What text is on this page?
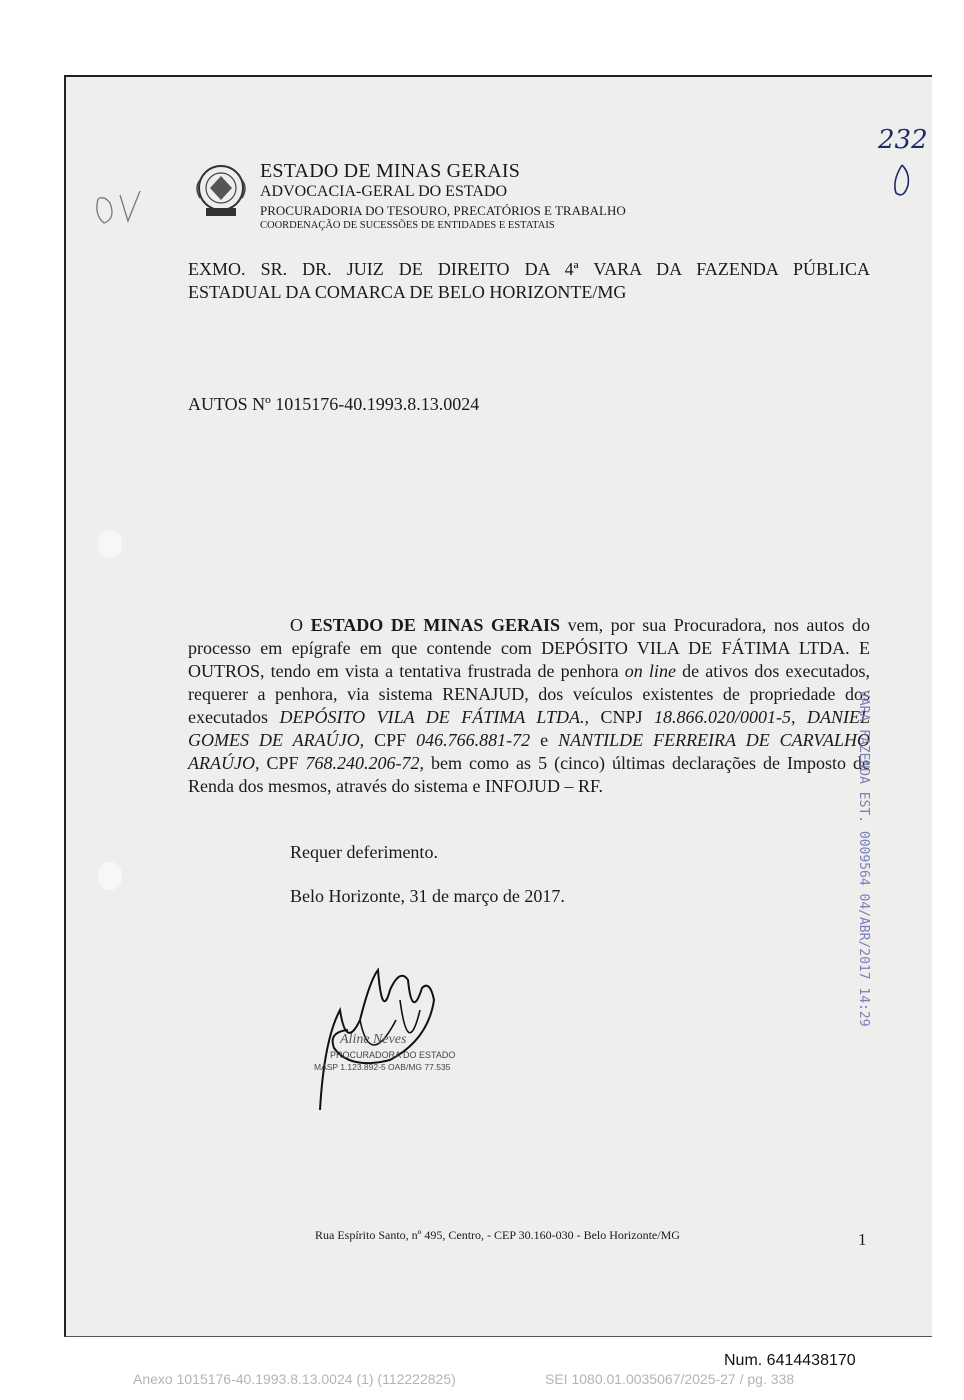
ESTADO DE MINAS GERAIS
ADVOCACIA-GERAL DO ESTADO
PROCURADORIA DO TESOURO, PRECATÓRIOS E TRABALHO
COORDENAÇÃO DE SUCESSÕES DE ENTIDADES E ESTATAIS
232
EXMO. SR. DR. JUIZ DE DIREITO DA 4ª VARA DA FAZENDA PÚBLICA
ESTADUAL DA COMARCA DE BELO HORIZONTE/MG
AUTOS Nº 1015176-40.1993.8.13.0024

O ESTADO DE MINAS GERAIS vem, por sua Procuradora, nos autos do processo em epígrafe em que contende com DEPÓSITO VILA DE FÁTIMA LTDA. E OUTROS, tendo em vista a tentativa frustrada de penhora on line de ativos dos executados, requerer a penhora, via sistema RENAJUD, dos veículos existentes de propriedade dos executados DEPÓSITO VILA DE FÁTIMA LTDA., CNPJ 18.866.020/0001-5, DANIEL GOMES DE ARAÚJO, CPF 046.766.881-72 e NANTILDE FERREIRA DE CARVALHO ARAÚJO, CPF 768.240.206-72, bem como as 5 (cinco) últimas declarações de Imposto de Renda dos mesmos, através do sistema e INFOJUD – RF.

Requer deferimento.
Belo Horizonte, 31 de março de 2017.
Aline Neves
PROCURADORA DO ESTADO
MASP 1.123.892-5 OAB/MG 77.535
VARA FAZENDA EST. 0009564 04/ABR/2017 14:29
Rua Espírito Santo, nº 495, Centro, - CEP 30.160-030 - Belo Horizonte/MG	1
Num. 6414438170
Anexo 1015176-40.1993.8.13.0024 (1) (112222825)	SEI 1080.01.0035067/2025-27 / pg. 338
